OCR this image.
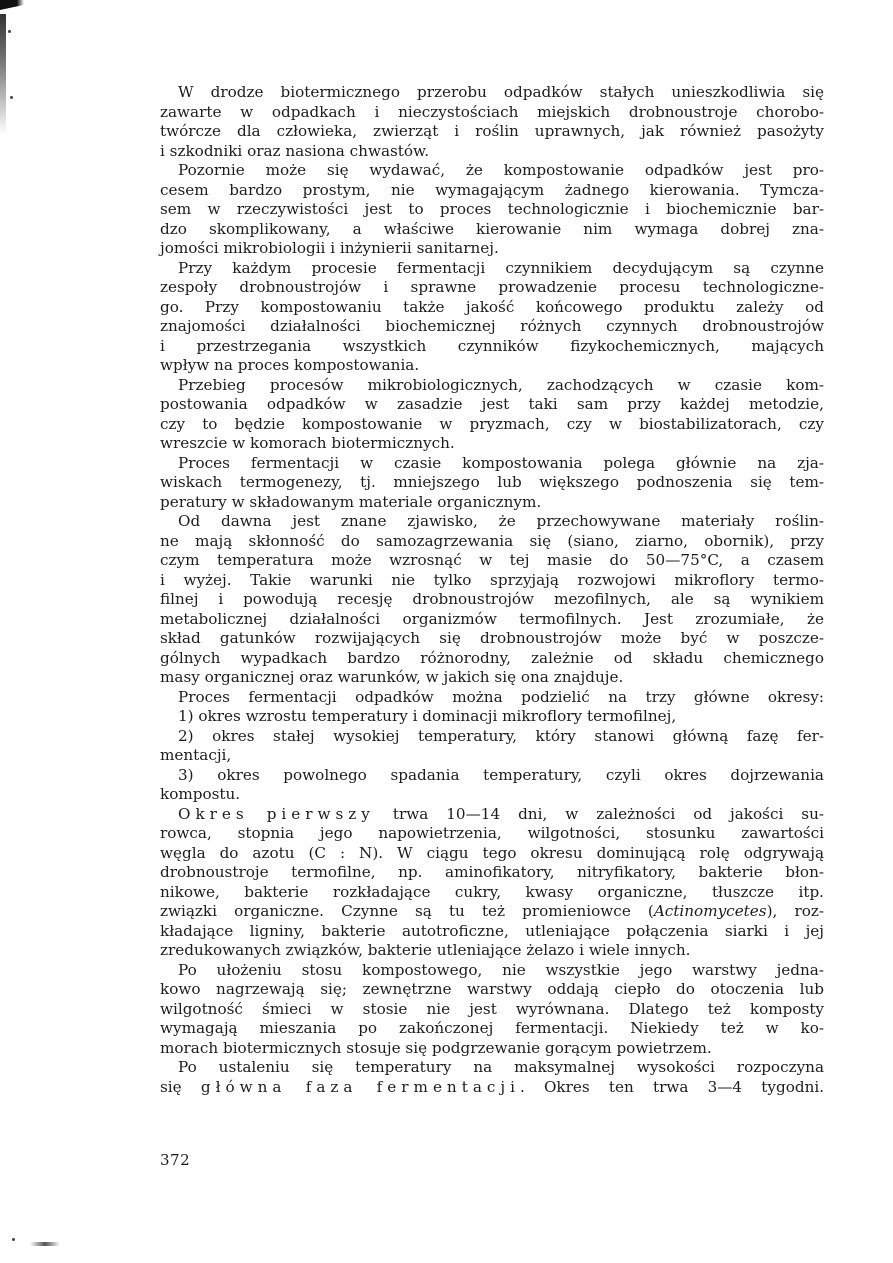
W drodze biotermicznego przerobu odpadków stałych unieszkodliwia się
zawarte w odpadkach i nieczystościach miejskich drobnoustroje chorobo-
twórcze dla człowieka, zwierząt i roślin uprawnych, jak również pasożyty
i szkodniki oraz nasiona chwastów.
Pozornie może się wydawać, że kompostowanie odpadków jest pro-
cesem bardzo prostym, nie wymagającym żadnego kierowania. Tymcza-
sem w rzeczywistości jest to proces technologicznie i biochemicznie bar-
dzo skomplikowany, a właściwe kierowanie nim wymaga dobrej zna-
jomości mikrobiologii i inżynierii sanitarnej.
Przy każdym procesie fermentacji czynnikiem decydującym są czynne
zespoły drobnoustrojów i sprawne prowadzenie procesu technologiczne-
go. Przy kompostowaniu także jakość końcowego produktu zależy od
znajomości działalności biochemicznej różnych czynnych drobnoustrojów
i przestrzegania wszystkich czynników fizykochemicznych, mających
wpływ na proces kompostowania.
Przebieg procesów mikrobiologicznych, zachodzących w czasie kom-
postowania odpadków w zasadzie jest taki sam przy każdej metodzie,
czy to będzie kompostowanie w pryzmach, czy w biostabilizatorach, czy
wreszcie w komorach biotermicznych.
Proces fermentacji w czasie kompostowania polega głównie na zja-
wiskach termogenezy, tj. mniejszego lub większego podnoszenia się tem-
peratury w składowanym materiale organicznym.
Od dawna jest znane zjawisko, że przechowywane materiały roślin-
ne mają skłonność do samozagrzewania się (siano, ziarno, obornik), przy
czym temperatura może wzrosnąć w tej masie do 50—75°C, a czasem
i wyżej. Takie warunki nie tylko sprzyjają rozwojowi mikroflory termo-
filnej i powodują recesję drobnoustrojów mezofilnych, ale są wynikiem
metabolicznej działalności organizmów termofilnych. Jest zrozumiałe, że
skład gatunków rozwijających się drobnoustrojów może być w poszcze-
gólnych wypadkach bardzo różnorodny, zależnie od składu chemicznego
masy organicznej oraz warunków, w jakich się ona znajduje.
Proces fermentacji odpadków można podzielić na trzy główne okresy:
1) okres wzrostu temperatury i dominacji mikroflory termofilnej,
2) okres stałej wysokiej temperatury, który stanowi główną fazę fer-
mentacji,
3) okres powolnego spadania temperatury, czyli okres dojrzewania
kompostu.
Okres pierwszy trwa 10—14 dni, w zależności od jakości su-
rowca, stopnia jego napowietrzenia, wilgotności, stosunku zawartości
węgla do azotu (C : N). W ciągu tego okresu dominującą rolę odgrywają
drobnoustroje termofilne, np. aminofikatory, nitryfikatory, bakterie błon-
nikowe, bakterie rozkładające cukry, kwasy organiczne, tłuszcze itp.
związki organiczne. Czynne są tu też promieniowce (Actinomycetes), roz-
kładające ligniny, bakterie autotroficzne, utleniające połączenia siarki i jej
zredukowanych związków, bakterie utleniające żelazo i wiele innych.
Po ułożeniu stosu kompostowego, nie wszystkie jego warstwy jedna-
kowo nagrzewają się; zewnętrzne warstwy oddają ciepło do otoczenia lub
wilgotność śmieci w stosie nie jest wyrównana. Dlatego też komposty
wymagają mieszania po zakończonej fermentacji. Niekiedy też w ko-
morach biotermicznych stosuje się podgrzewanie gorącym powietrzem.
Po ustaleniu się temperatury na maksymalnej wysokości rozpoczyna
się główna faza fermentacji. Okres ten trwa 3—4 tygodni.
372
